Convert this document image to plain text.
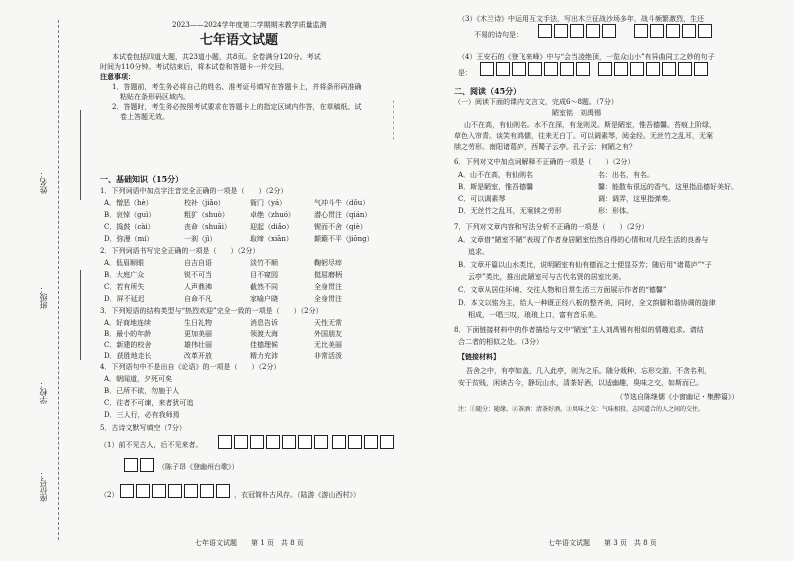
姓名：
班级：
学校：
座位号：
2023——2024学年度第二学期期末教学质量监测
七年语文试题
本试卷包括四道大题，共23道小题，共8页。全卷满分120分。考试
时间为110分钟。考试结束后，将本试卷和答题卡一并交回。
注意事项：
1．答题前，考生务必将自己的姓名、准考证号填写在答题卡上，并将条形码准确
粘贴在条形码区域内。
2．答题时，考生务必按照考试要求在答题卡上的指定区域内作答，在草稿纸、试
卷上答题无效。
一、基础知识（15分）
1．下列词语中加点字注音完全正确的一项是（　　）（2分）
A．憎恶（hè）	校补（jiǎo）	衙门（yá）	气冲斗牛（dǒu）
B．哀悼（guì）	粗犷（shuò）	卓绝（zhuó）	潜心贯注（qián）
C．捣鼓（cài）	丧命（shuāi）	迎起（diǎo）	锲而不舍（qiè）
D．弥漫（mí）	一刹（jì）	取缔（xiān）	颠簸不平（jiōng）
2．下列词语书写完全正确的一项是（　　）（2分）
A．低眉顺眼	自吉自语	淡竹不顺	鞠躬尽瘁
B．大庭广众	锐不可当	目不窥园	挺屈磨柄
C．若有所失	人声鼎沸	截然不同	全身贯注
D．屏不延迟	自命不凡	家喻户晓	全身贯注
3．下列短语的结构类型与“热烈欢迎”完全一致的一项是（　　）（2分）
A．好商地连续	生日礼物	消息告诉	天性无常
B．最小的年龄	更加美丽	领渡大海	外国朋友
C．新建的校舍	雄伟壮丽	佳德理候	无比美丽
D．获胜地走长	改革开放	精力充沛	非常活泼
4．下列语句中不是出自《论语》的一项是（　　）（2分）
A．朝闻道，夕死可矣
B．己所不欲，勿施于人
C．往者不可谏，来者犹可追
D．三人行，必有我师焉
5．古诗文默写填空（7分）
（1）前不见古人，后不见来者。
（陈子昂《登幽州台歌》）
（2）	，衣冠简朴古风存。（陆游《游山西村》）
七年语文试题　　第 1 页　共 8 页
（3）《木兰诗》中运用互文手法，写出木兰征战沙场多年，战斗频繁激烈，生还
不易的诗句是：
（4）王安石的《登飞来峰》中与“会当凌绝顶，一览众山小”有异曲同工之妙的句子
是：
二、阅读（45分）
（一）阅读下面的课内文言文，完成6～8题。（7分）
陋室铭　刘禹锡
山不在高，有仙则名。水不在深，有龙则灵。斯是陋室，惟吾德馨。苔痕上阶绿，
草色入帘青。谈笑有鸿儒，往来无白丁。可以调素琴，阅金经。无丝竹之乱耳，无案
牍之劳形。南阳诸葛庐，西蜀子云亭。孔子云：何陋之有？
6．下列对文中加点词解释不正确的一项是（　　）（2分）
A．山不在高，有仙则名	名：出名，有名。
B．斯是陋室，惟吾德馨	馨：能散布很远的香气，这里指品德好美好。
C．可以调素琴	调：调弄，这里指弹奏。
D．无丝竹之乱耳，无案牍之劳形	形：形体。
7．下列对文章内容和写法分析不正确的一项是（　　）（2分）
A．文章借“陋室不陋”表现了作者身居陋室怡然自得的心情和对几经生活的良善与
追求。
B．文章开篇以山水类比，说明陋室有仙有德而之士便显芬芳；随后用“诸葛庐”“子
云亭”类比，推出此陋室可与古代名贤的居室比美。
C．文章从居住环境、交往人物和日常生活三方面展示作者的“德馨”
D．本文以铭为主，给人一种既正经八板的整齐美，同时，全文韵脚和谐协调的旋律
相成，一唱三叹，琅琅上口，富有音乐美。
8．下面链接材料中的作者描绘与文中“陋室”主人刘禹锡有相似的情趣追求。请结
合二者的相似之处。（3分）
【链接材料】
吾舍之中，有亭如盖，几入此亭，则为之乐。随分栽种，忘形交游，不贪名利，
安于贫贱，闲读古今，静玩山水，清茶好酒，以适幽趣，臭味之交，如斯而已。
（节选自陈继儒《小窗幽记・集醉篇》）
注：①随分：随缘。②茶酒：清茶好酒。③臭味之交：气味相投、志同道合的人之间的交往。
七年语文试题　　第 3 页　共 8 页
